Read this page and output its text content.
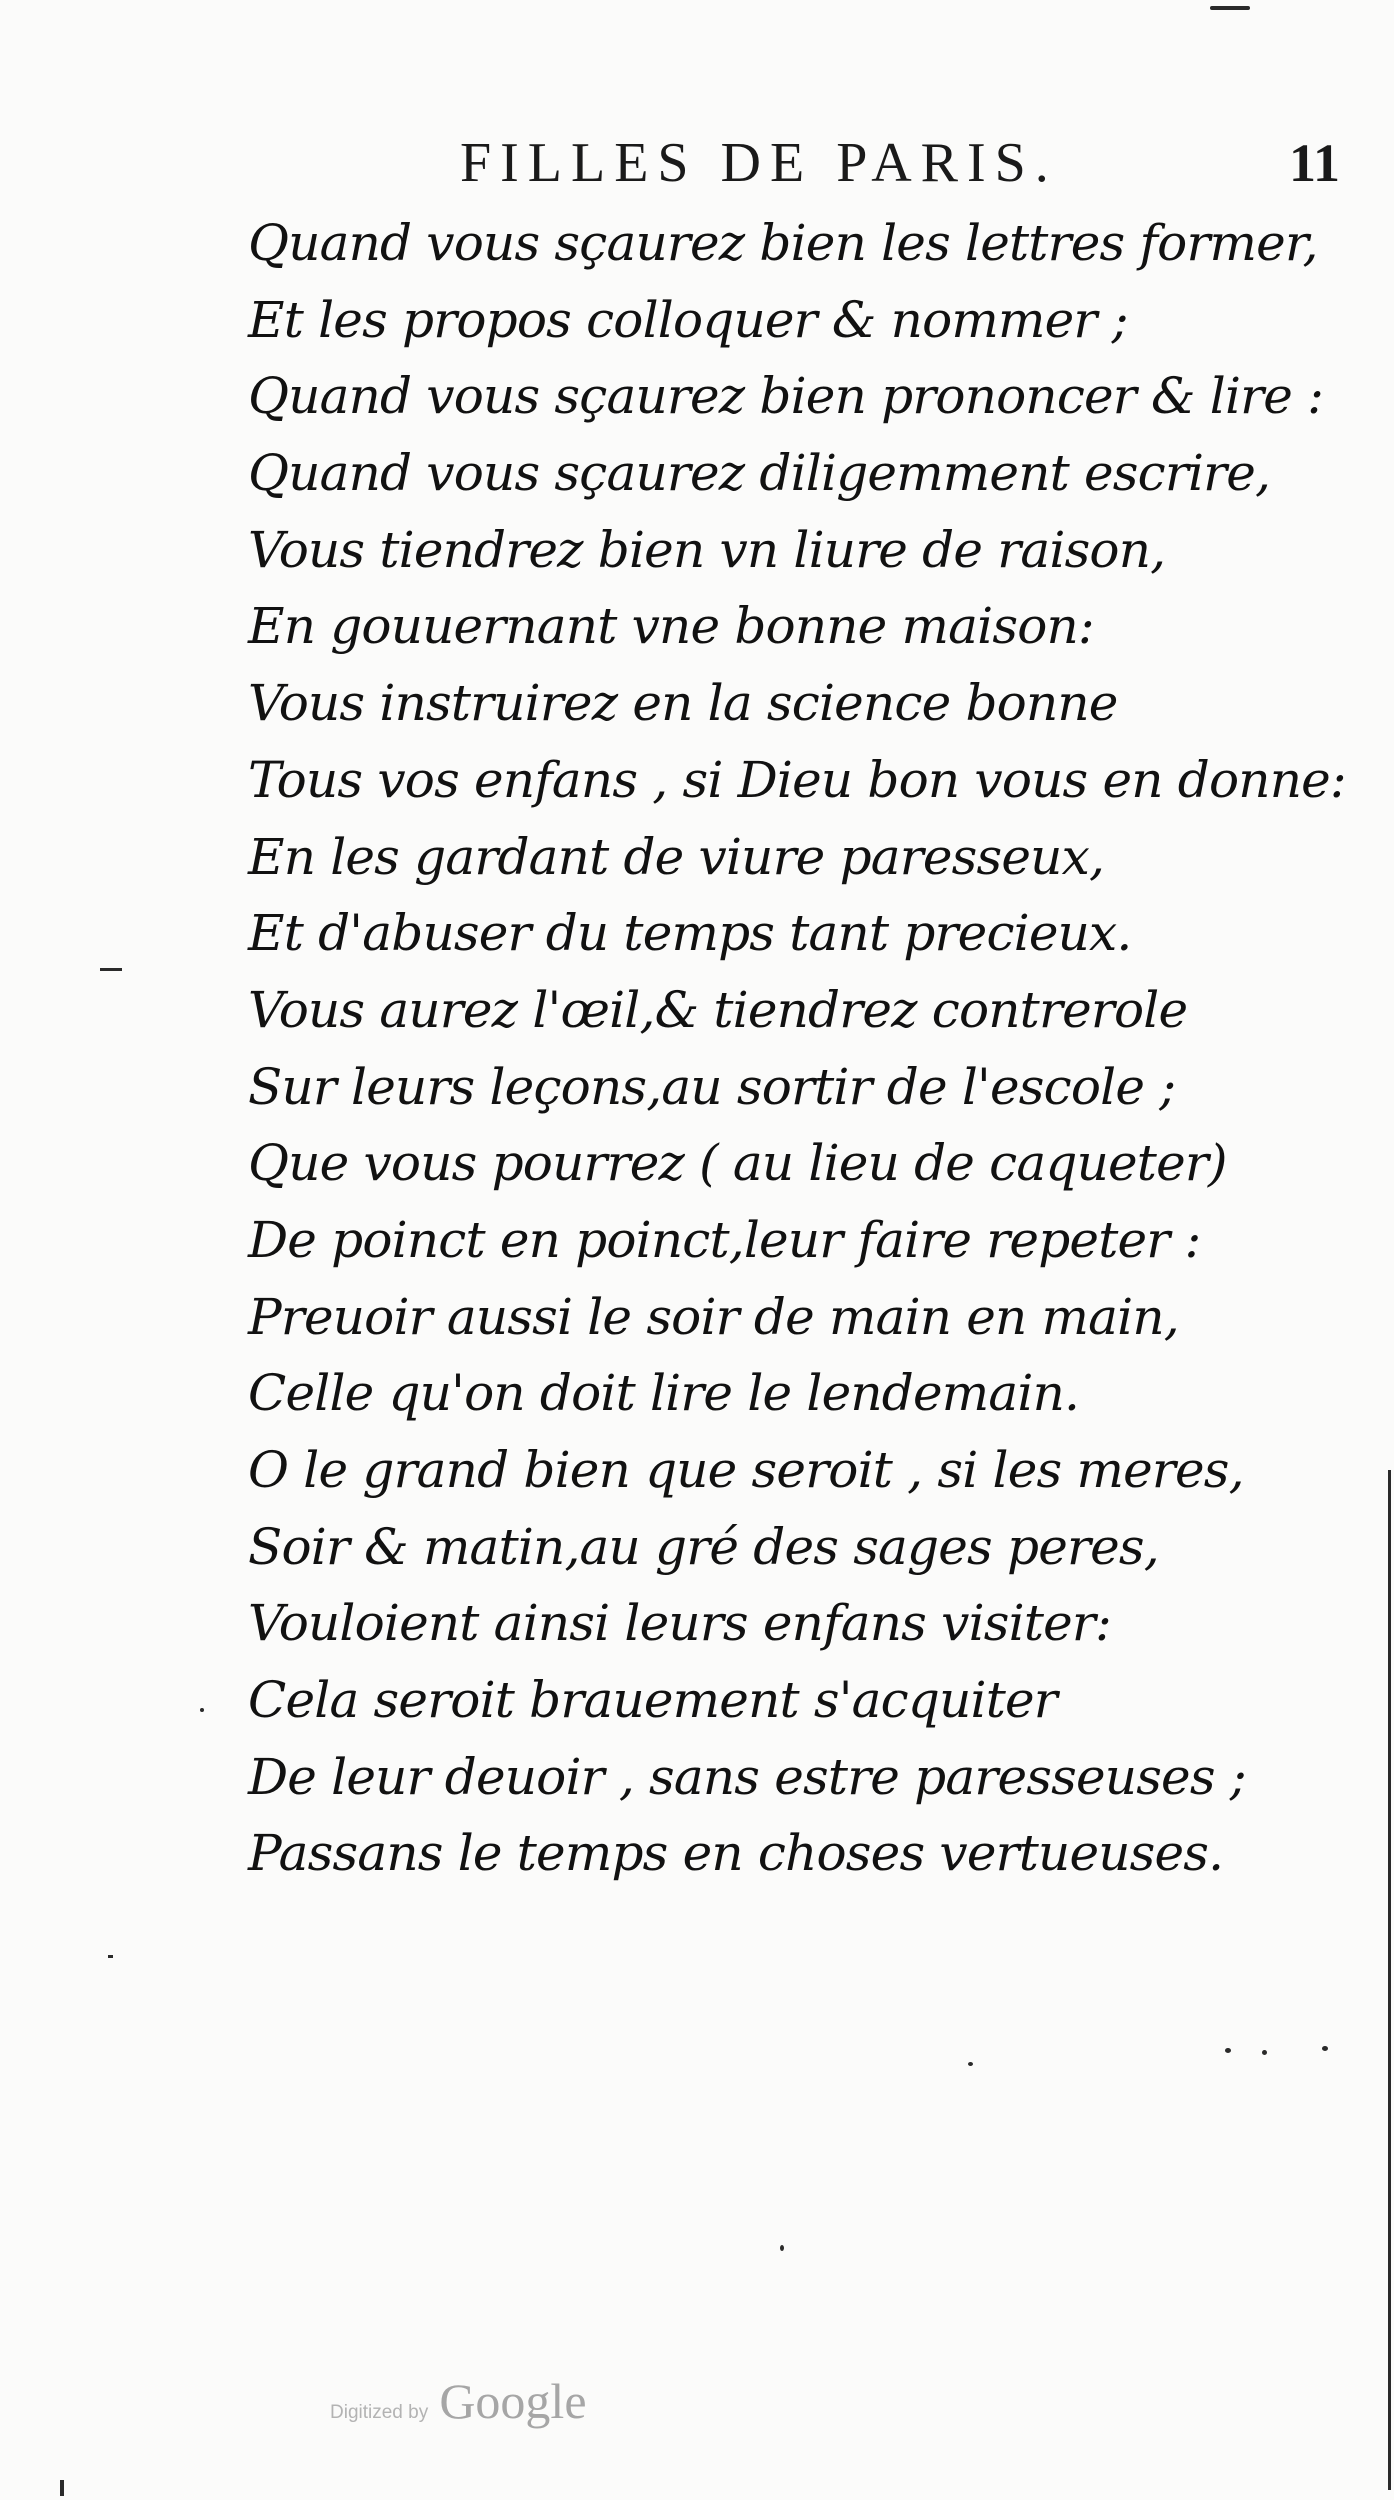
FILLES DE PARIS.	11
Quand vous sçaurez bien les lettres former,
Et les propos colloquer & nommer ;
Quand vous sçaurez bien prononcer & lire :
Quand vous sçaurez diligemment escrire,
Vous tiendrez bien vn liure de raison,
En gouuernant vne bonne maison:
Vous instruirez en la science bonne
Tous vos enfans , si Dieu bon vous en donne:
En les gardant de viure paresseux,
Et d'abuser du temps tant precieux.
Vous aurez l'œil,& tiendrez contrerole
Sur leurs leçons,au sortir de l'escole ;
Que vous pourrez ( au lieu de caqueter)
De poinct en poinct,leur faire repeter :
Preuoir aussi le soir de main en main,
Celle qu'on doit lire le lendemain.
O le grand bien que seroit , si les meres,
Soir & matin,au gré des sages peres,
Vouloient ainsi leurs enfans visiter:
Cela seroit brauement s'acquiter
De leur deuoir , sans estre paresseuses ;
Passans le temps en choses vertueuses.
Digitized by Google
